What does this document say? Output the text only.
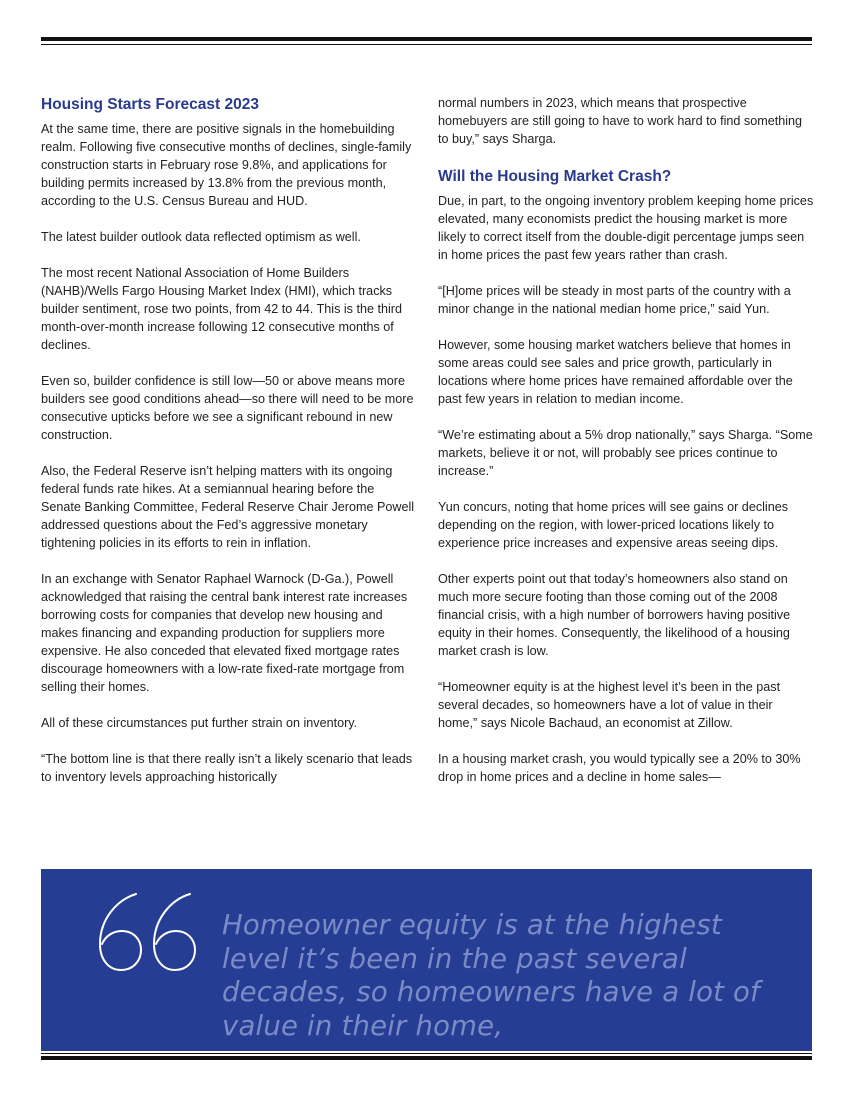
Housing Starts Forecast 2023

At the same time, there are positive signals in the homebuilding realm. Following five consecutive months of declines, single-family construction starts in February rose 9.8%, and applications for building permits increased by 13.8% from the previous month, according to the U.S. Census Bureau and HUD.

The latest builder outlook data reflected optimism as well.

The most recent National Association of Home Builders (NAHB)/Wells Fargo Housing Market Index (HMI), which tracks builder sentiment, rose two points, from 42 to 44. This is the third month-over-month increase following 12 consecutive months of declines.

Even so, builder confidence is still low—50 or above means more builders see good conditions ahead—so there will need to be more consecutive upticks before we see a significant rebound in new construction.

Also, the Federal Reserve isn’t helping matters with its ongoing federal funds rate hikes. At a semiannual hearing before the Senate Banking Committee, Federal Reserve Chair Jerome Powell addressed questions about the Fed’s aggressive monetary tightening policies in its efforts to rein in inflation.

In an exchange with Senator Raphael Warnock (D-Ga.), Powell acknowledged that raising the central bank interest rate increases borrowing costs for companies that develop new housing and makes financing and expanding production for suppliers more expensive. He also conceded that elevated fixed mortgage rates discourage homeowners with a low-rate fixed-rate mortgage from selling their homes.

All of these circumstances put further strain on inventory.

“The bottom line is that there really isn’t a likely scenario that leads to inventory levels approaching historically

normal numbers in 2023, which means that prospective homebuyers are still going to have to work hard to find something to buy,” says Sharga.

Will the Housing Market Crash?

Due, in part, to the ongoing inventory problem keeping home prices elevated, many economists predict the housing market is more likely to correct itself from the double-digit percentage jumps seen in home prices the past few years rather than crash.

“[H]ome prices will be steady in most parts of the country with a minor change in the national median home price,” said Yun.

However, some housing market watchers believe that homes in some areas could see sales and price growth, particularly in locations where home prices have remained affordable over the past few years in relation to median income.

“We’re estimating about a 5% drop nationally,” says Sharga. “Some markets, believe it or not, will probably see prices continue to increase.”

Yun concurs, noting that home prices will see gains or declines depending on the region, with lower-priced locations likely to experience price increases and expensive areas seeing dips.

Other experts point out that today’s homeowners also stand on much more secure footing than those coming out of the 2008 financial crisis, with a high number of borrowers having positive equity in their homes. Consequently, the likelihood of a housing market crash is low.

“Homeowner equity is at the highest level it’s been in the past several decades, so homeowners have a lot of value in their home,” says Nicole Bachaud, an economist at Zillow.

In a housing market crash, you would typically see a 20% to 30% drop in home prices and a decline in home sales—

Homeowner equity is at the highest level it’s been in the past several decades, so homeowners have a lot of value in their home,
